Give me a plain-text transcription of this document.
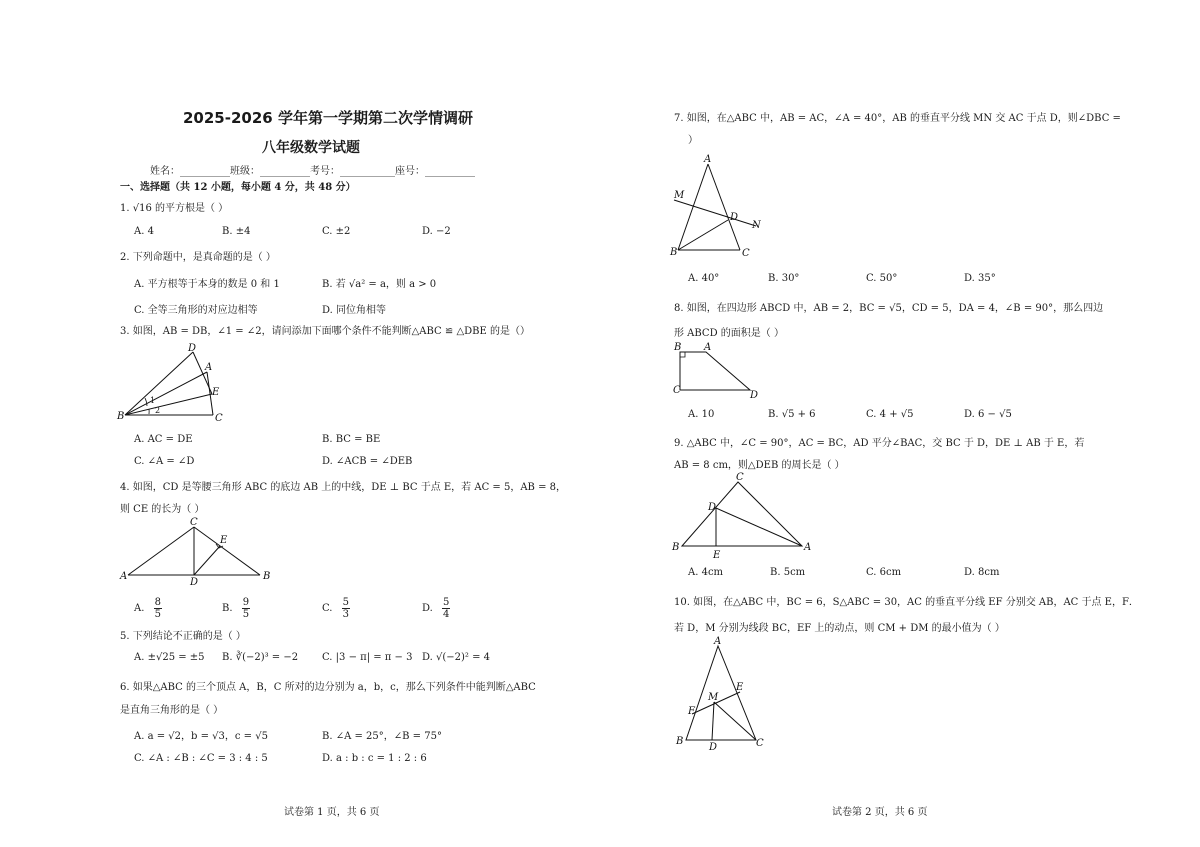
2025-2026 学年第一学期第二次学情调研
八年级数学试题
姓名：__________班级：__________考号：___________座号：__________
一、选择题（共 12 小题，每小题 4 分，共 48 分）
1. √16 的平方根是（ ）
A. 4	B. ±4	C. ±2	D. −2
2. 下列命题中，是真命题的是（ ）
A. 平方根等于本身的数是 0 和 1	B. 若 √a² = a，则 a > 0
C. 全等三角形的对应边相等	D. 同位角相等
3. 如图，AB = DB，∠1 = ∠2，请问添加下面哪个条件不能判断△ABC ≌ △DBE 的是（）
D
A
E
B	C
1
2
A. AC = DE	B. BC = BE
C. ∠A = ∠D	D. ∠ACB = ∠DEB
4. 如图，CD 是等腰三角形 ABC 的底边 AB 上的中线，DE ⊥ BC 于点 E，若 AC = 5，AB = 8，
则 CE 的长为（ ）
C
E
A
D
B
A. $\frac{8}{5}$	B. $\frac{9}{5}$	C. $\frac{5}{3}$	D. $\frac{5}{4}$
5. 下列结论不正确的是（ ）
A. ±√25 = ±5 B. ∛(−2)³ = −2 C. |3 − π| = π − 3 D. √(−2)² = 4
6. 如果△ABC 的三个顶点 A，B，C 所对的边分别为 a，b，c，那么下列条件中能判断△ABC
是直角三角形的是（ ）
A. a = √2，b = √3，c = √5	B. ∠A = 25°，∠B = 75°
C. ∠A : ∠B : ∠C = 3 : 4 : 5	D. a : b : c = 1 : 2 : 6
试卷第 1 页，共 6 页
7. 如图，在△ABC 中，AB = AC，∠A = 40°，AB 的垂直平分线 MN 交 AC 于点 D，则∠DBC =
）
A
M
D
N
B	C
A. 40°	B. 30°	C. 50°	D. 35°
8. 如图，在四边形 ABCD 中，AB = 2，BC = √5，CD = 5，DA = 4，∠B = 90°，那么四边
形 ABCD 的面积是（ ）
B A
C	D
A. 10	B. √5 + 6	C. 4 + √5	D. 6 − √5
9. △ABC 中，∠C = 90°，AC = BC，AD 平分∠BAC，交 BC 于 D，DE ⊥ AB 于 E，若
AB = 8 cm，则△DEB 的周长是（ ）
C
D
B
E
A
A. 4cm	B. 5cm	C. 6cm	D. 8cm
10. 如图，在△ABC 中，BC = 6，S△ABC = 30，AC 的垂直平分线 EF 分别交 AB，AC 于点 E，F．
若 D，M 分别为线段 BC，EF 上的动点，则 CM + DM 的最小值为（ ）
A
M
E
F
B
D	C
试卷第 2 页，共 6 页
